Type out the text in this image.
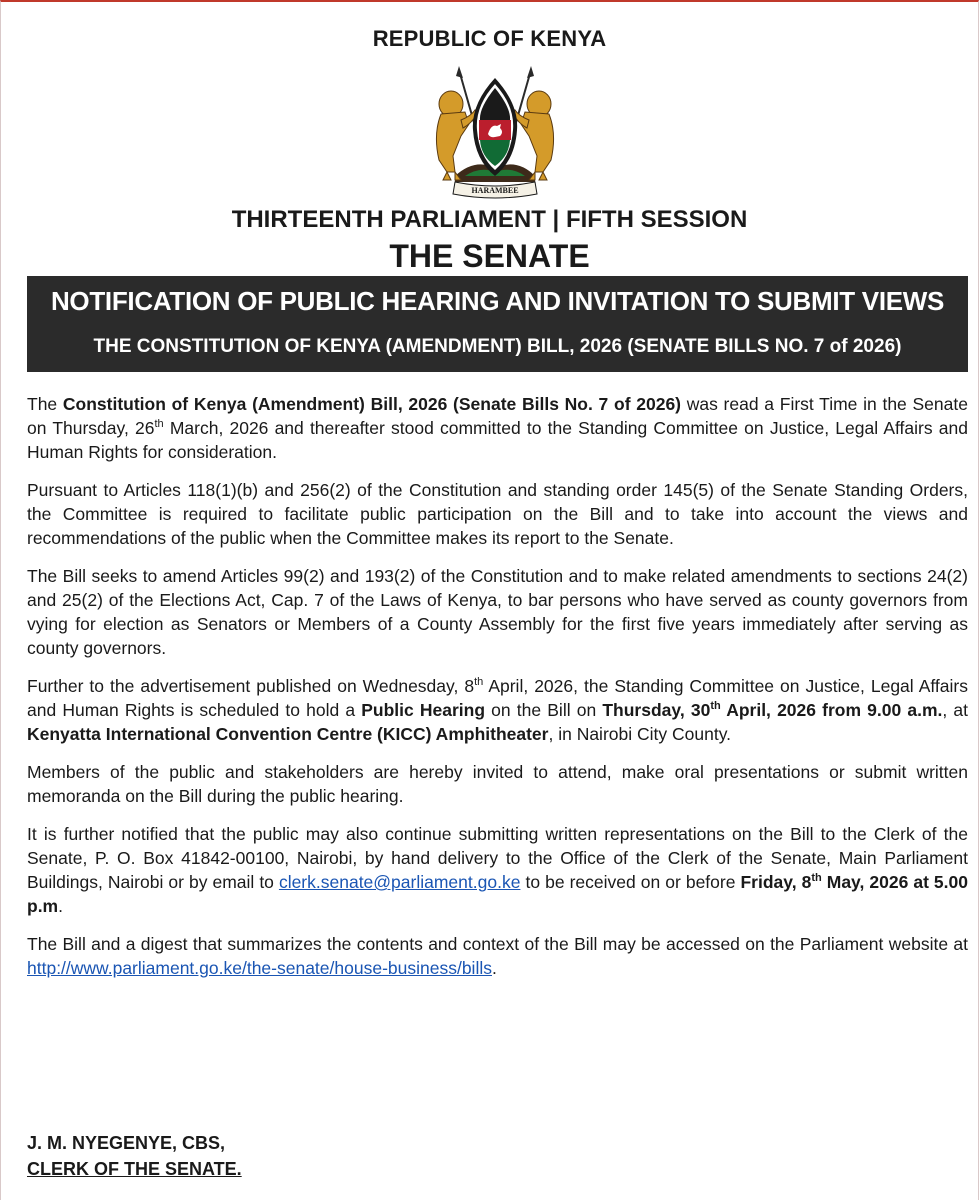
REPUBLIC OF KENYA
HARAMBEE
THIRTEENTH PARLIAMENT | FIFTH SESSION
THE SENATE
NOTIFICATION OF PUBLIC HEARING AND INVITATION TO SUBMIT VIEWS
THE CONSTITUTION OF KENYA (AMENDMENT) BILL, 2026 (SENATE BILLS NO. 7 of 2026)

The Constitution of Kenya (Amendment) Bill, 2026 (Senate Bills No. 7 of 2026) was read a First Time in the Senate on Thursday, 26th March, 2026 and thereafter stood committed to the Standing Committee on Justice, Legal Affairs and Human Rights for consideration.

Pursuant to Articles 118(1)(b) and 256(2) of the Constitution and standing order 145(5) of the Senate Standing Orders, the Committee is required to facilitate public participation on the Bill and to take into account the views and recommendations of the public when the Committee makes its report to the Senate.

The Bill seeks to amend Articles 99(2) and 193(2) of the Constitution and to make related amendments to sections 24(2) and 25(2) of the Elections Act, Cap. 7 of the Laws of Kenya, to bar persons who have served as county governors from vying for election as Senators or Members of a County Assembly for the first five years immediately after serving as county governors.

Further to the advertisement published on Wednesday, 8th April, 2026, the Standing Committee on Justice, Legal Affairs and Human Rights is scheduled to hold a Public Hearing on the Bill on Thursday, 30th April, 2026 from 9.00 a.m., at Kenyatta International Convention Centre (KICC) Amphitheater, in Nairobi City County.

Members of the public and stakeholders are hereby invited to attend, make oral presentations or submit written memoranda on the Bill during the public hearing.

It is further notified that the public may also continue submitting written representations on the Bill to the Clerk of the Senate, P. O. Box 41842-00100, Nairobi, by hand delivery to the Office of the Clerk of the Senate, Main Parliament Buildings, Nairobi or by email to clerk.senate@parliament.go.ke to be received on or before Friday, 8th May, 2026 at 5.00 p.m.

The Bill and a digest that summarizes the contents and context of the Bill may be accessed on the Parliament website at http://www.parliament.go.ke/the-senate/house-business/bills.

J. M. NYEGENYE, CBS,
CLERK OF THE SENATE.
